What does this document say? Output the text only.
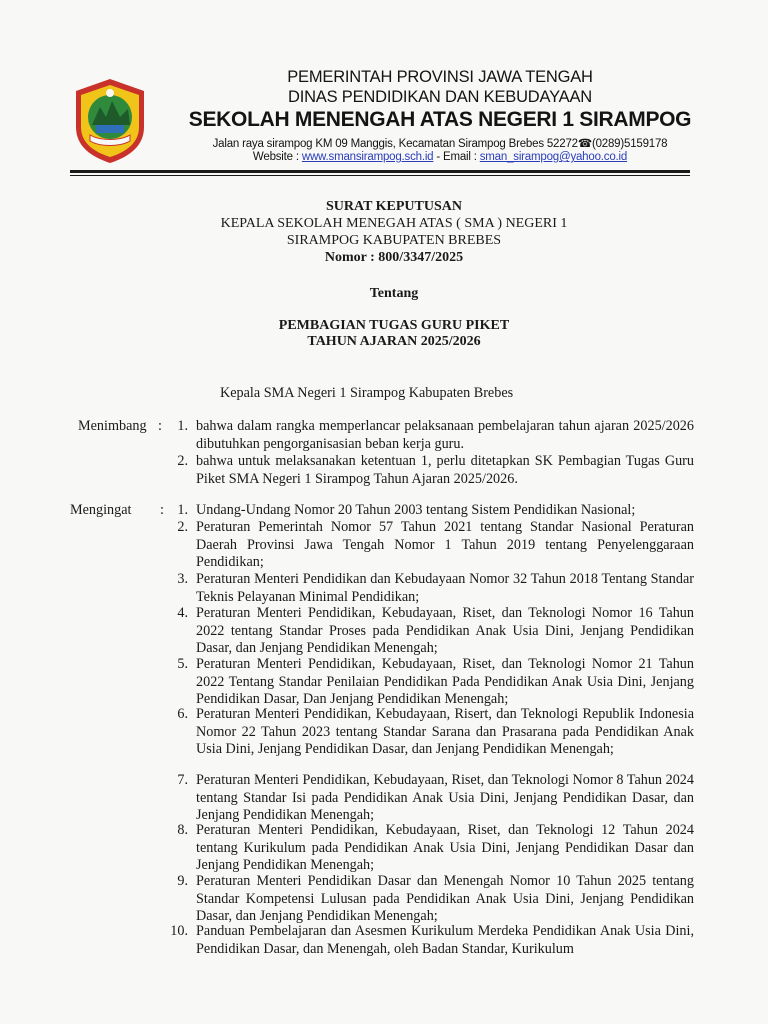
PEMERINTAH PROVINSI JAWA TENGAH
DINAS PENDIDIKAN DAN KEBUDAYAAN
SEKOLAH MENENGAH ATAS NEGERI 1 SIRAMPOG
Jalan raya sirampog KM 09 Manggis, Kecamatan Sirampog Brebes 52272☎(0289)5159178
Website : www.smansirampog.sch.id - Email : sman_sirampog@yahoo.co.id
SURAT KEPUTUSAN
KEPALA SEKOLAH MENEGAH ATAS ( SMA ) NEGERI 1
SIRAMPOG KABUPATEN BREBES
Nomor : 800/3347/2025
Tentang
PEMBAGIAN TUGAS GURU PIKET
TAHUN AJARAN 2025/2026
Kepala SMA Negeri 1 Sirampog Kabupaten Brebes
Menimbang :	1. bahwa dalam rangka memperlancar pelaksanaan pembelajaran tahun ajaran 2025/2026 dibutuhkan pengorganisasian beban kerja guru.
2. bahwa untuk melaksanakan ketentuan 1, perlu ditetapkan SK Pembagian Tugas Guru Piket SMA Negeri 1 Sirampog Tahun Ajaran 2025/2026.
Mengingat : 1. Undang-Undang Nomor 20 Tahun 2003 tentang Sistem Pendidikan Nasional;
2. Peraturan Pemerintah Nomor 57 Tahun 2021 tentang Standar Nasional Peraturan Daerah Provinsi Jawa Tengah Nomor 1 Tahun 2019 tentang Penyelenggaraan Pendidikan;
3. Peraturan Menteri Pendidikan dan Kebudayaan Nomor 32 Tahun 2018 Tentang Standar Teknis Pelayanan Minimal Pendidikan;
4. Peraturan Menteri Pendidikan, Kebudayaan, Riset, dan Teknologi Nomor 16 Tahun 2022 tentang Standar Proses pada Pendidikan Anak Usia Dini, Jenjang Pendidikan Dasar, dan Jenjang Pendidikan Menengah;
5. Peraturan Menteri Pendidikan, Kebudayaan, Riset, dan Teknologi Nomor 21 Tahun 2022 Tentang Standar Penilaian Pendidikan Pada Pendidikan Anak Usia Dini, Jenjang Pendidikan Dasar, Dan Jenjang Pendidikan Menengah;
6. Peraturan Menteri Pendidikan, Kebudayaan, Risert, dan Teknologi Republik Indonesia Nomor 22 Tahun 2023 tentang Standar Sarana dan Prasarana pada Pendidikan Anak Usia Dini, Jenjang Pendidikan Dasar, dan Jenjang Pendidikan Menengah;
7. Peraturan Menteri Pendidikan, Kebudayaan, Riset, dan Teknologi Nomor 8 Tahun 2024 tentang Standar Isi pada Pendidikan Anak Usia Dini, Jenjang Pendidikan Dasar, dan Jenjang Pendidikan Menengah;
8. Peraturan Menteri Pendidikan, Kebudayaan, Riset, dan Teknologi 12 Tahun 2024 tentang Kurikulum pada Pendidikan Anak Usia Dini, Jenjang Pendidikan Dasar dan Jenjang Pendidikan Menengah;
9. Peraturan Menteri Pendidikan Dasar dan Menengah Nomor 10 Tahun 2025 tentang Standar Kompetensi Lulusan pada Pendidikan Anak Usia Dini, Jenjang Pendidikan Dasar, dan Jenjang Pendidikan Menengah;
10. Panduan Pembelajaran dan Asesmen Kurikulum Merdeka Pendidikan Anak Usia Dini, Pendidikan Dasar, dan Menengah, oleh Badan Standar, Kurikulum
